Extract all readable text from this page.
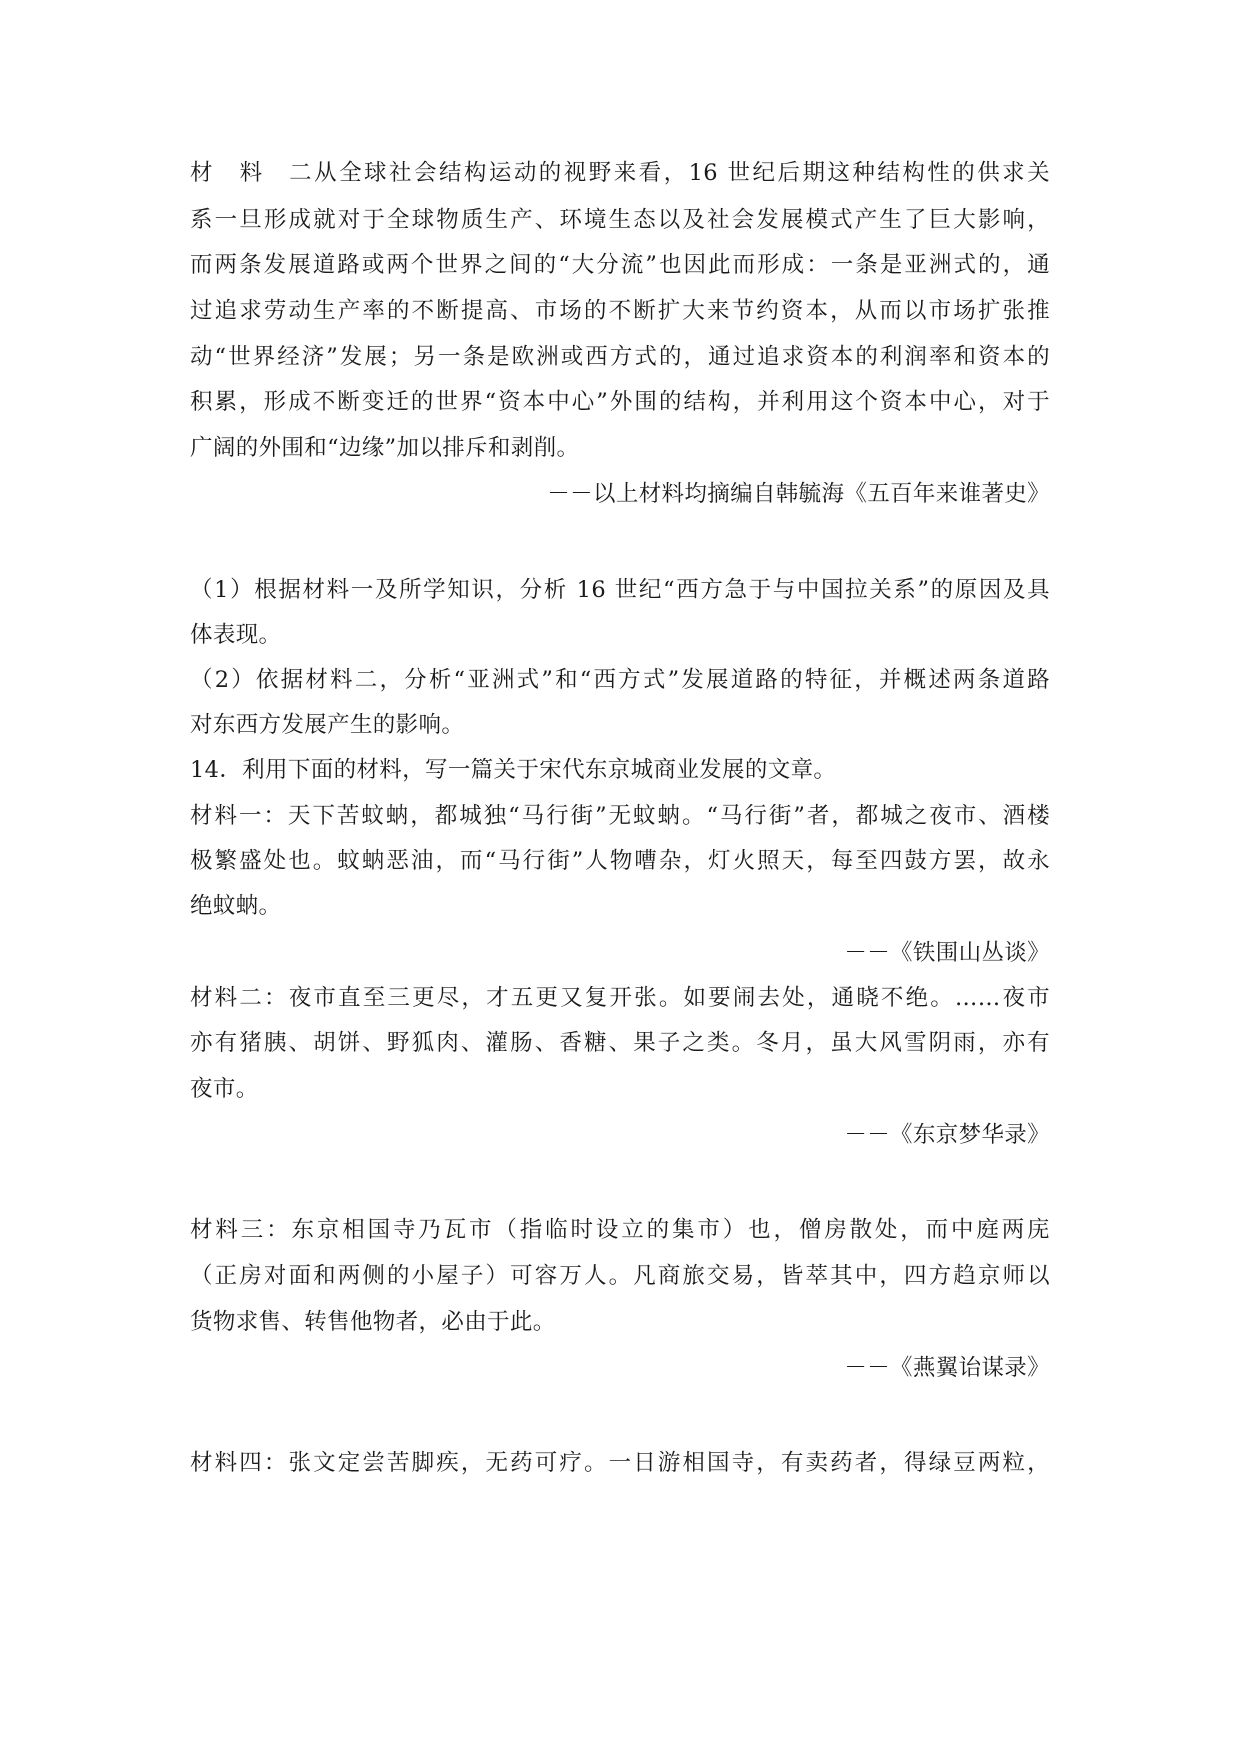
材料二从全球社会结构运动的视野来看，16 世纪后期这种结构性的供求关
系一旦形成就对于全球物质生产、环境生态以及社会发展模式产生了巨大影响，
而两条发展道路或两个世界之间的“大分流”也因此而形成：一条是亚洲式的，通
过追求劳动生产率的不断提高、市场的不断扩大来节约资本，从而以市场扩张推
动“世界经济”发展；另一条是欧洲或西方式的，通过追求资本的利润率和资本的
积累，形成不断变迁的世界“资本中心”外围的结构，并利用这个资本中心，对于
广阔的外围和“边缘”加以排斥和剥削。
－－以上材料均摘编自韩毓海《五百年来谁著史》
（1）根据材料一及所学知识，分析 16 世纪“西方急于与中国拉关系”的原因及具
体表现。
（2）依据材料二，分析“亚洲式”和“西方式”发展道路的特征，并概述两条道路
对东西方发展产生的影响。
14．利用下面的材料，写一篇关于宋代东京城商业发展的文章。
材料一：天下苦蚊蚋，都城独“马行街”无蚊蚋。“马行街”者，都城之夜市、酒楼
极繁盛处也。蚊蚋恶油，而“马行街”人物嘈杂，灯火照天，每至四鼓方罢，故永
绝蚊蚋。
－－《铁围山丛谈》
材料二：夜市直至三更尽，才五更又复开张。如要闹去处，通晓不绝。……夜市
亦有猪胰、胡饼、野狐肉、灌肠、香糖、果子之类。冬月，虽大风雪阴雨，亦有
夜市。
－－《东京梦华录》
材料三：东京相国寺乃瓦市（指临时设立的集市）也，僧房散处，而中庭两庑
（正房对面和两侧的小屋子）可容万人。凡商旅交易，皆萃其中，四方趋京师以
货物求售、转售他物者，必由于此。
－－《燕翼诒谋录》
材料四：张文定尝苦脚疾，无药可疗。一日游相国寺，有卖药者，得绿豆两粒，
